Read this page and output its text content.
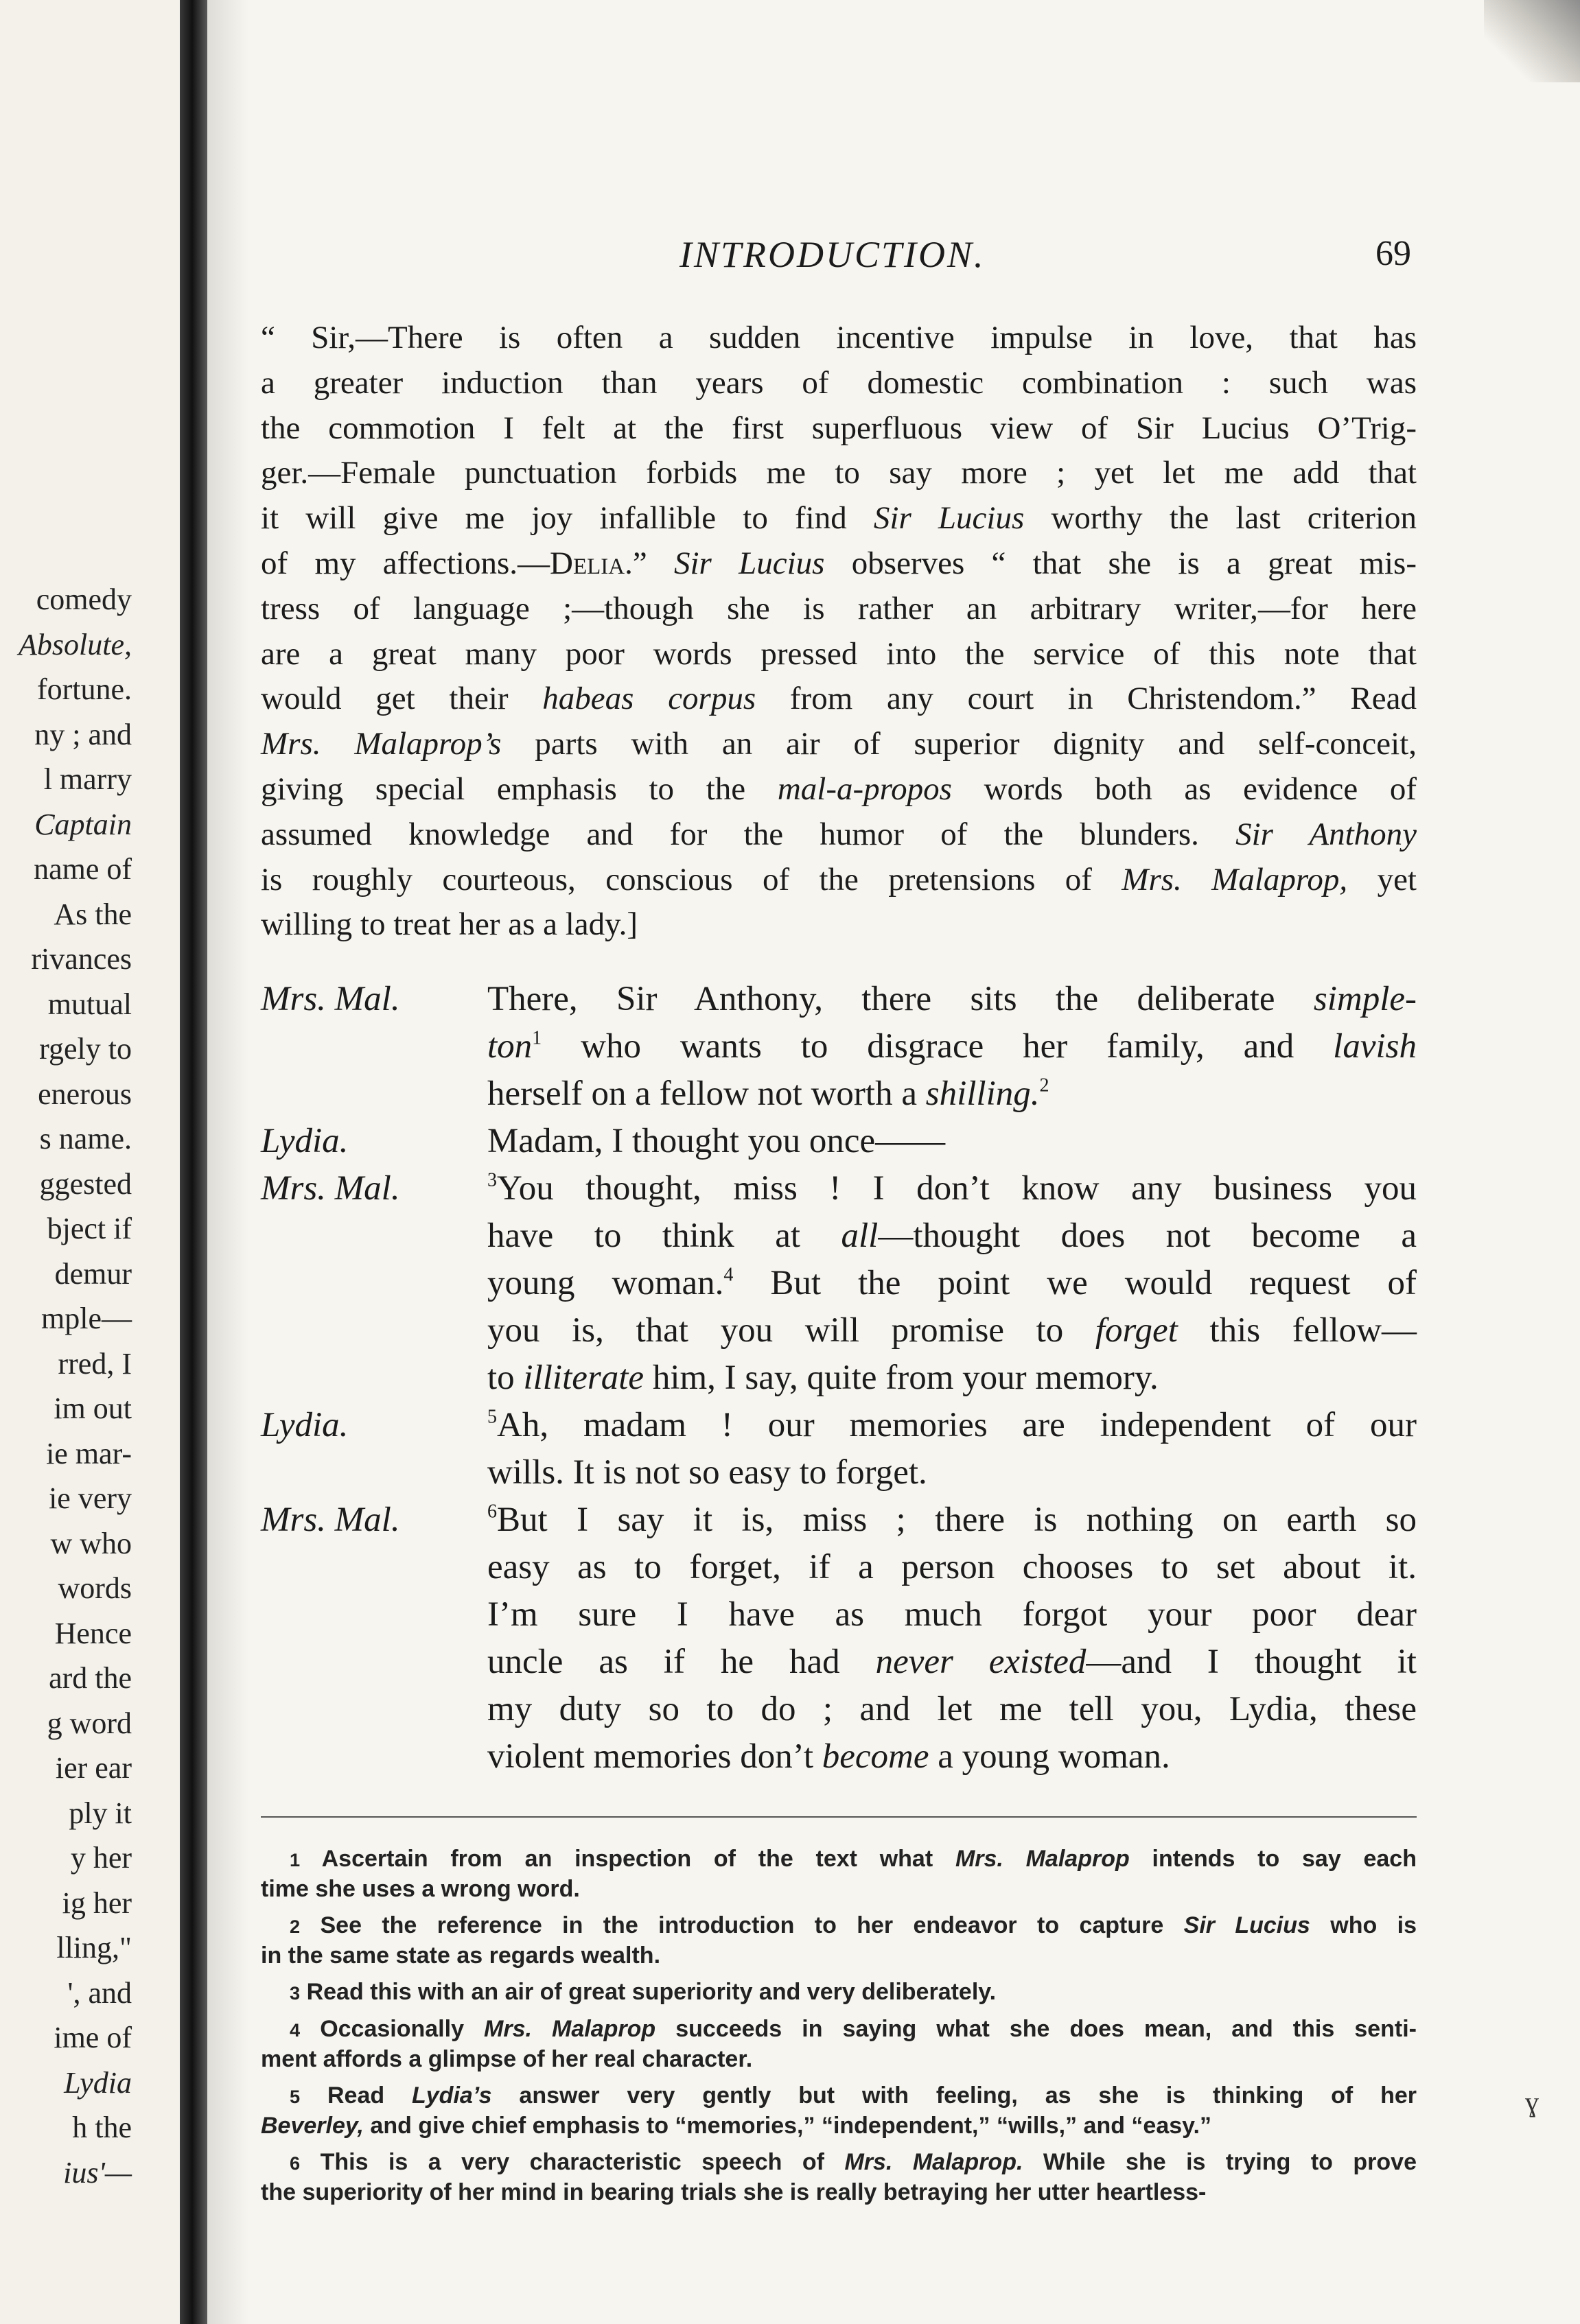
comedy
Absolute,
fortune.
ny ; and
l marry
Captain
name of
As the
rivances
mutual
rgely to
enerous
s name.
ggested
bject if
demur
mple—
rred, I
im out
ie mar-
ie very
w who
words
Hence
ard the
g word
ier ear
ply it
y her
ig her
lling,"
', and
ime of
Lydia
h the
ius'—
INTRODUCTION.	69
“ Sir,—There is often a sudden incentive impulse in love, that has
a greater induction than years of domestic combination : such was
the commotion I felt at the first superfluous view of Sir Lucius O’Trig-
ger.—Female punctuation forbids me to say more ; yet let me add that
it will give me joy infallible to find Sir Lucius worthy the last criterion
of my affections.—Delia.” Sir Lucius observes “ that she is a great mis-
tress of language ;—though she is rather an arbitrary writer,—for here
are a great many poor words pressed into the service of this note that
would get their habeas corpus from any court in Christendom.” Read
Mrs. Malaprop’s parts with an air of superior dignity and self-conceit,
giving special emphasis to the mal-a-propos words both as evidence of
assumed knowledge and for the humor of the blunders. Sir Anthony
is roughly courteous, conscious of the pretensions of Mrs. Malaprop, yet
willing to treat her as a lady.]
Mrs. Mal. There, Sir Anthony, there sits the deliberate simple-
ton$^1$ who wants to disgrace her family, and lavish
herself on a fellow not worth a shilling.$^2$
Lydia.	Madam, I thought you once——
Mrs. Mal.	$^3$You thought, miss ! I don’t know any business you
have to think at all—thought does not become a
young woman.$^4$ But the point we would request of
you is, that you will promise to forget this fellow—
to illiterate him, I say, quite from your memory.
Lydia.	$^5$Ah, madam ! our memories are independent of our
wills. It is not so easy to forget.
Mrs. Mal.	$^6$But I say it is, miss ; there is nothing on earth so
easy as to forget, if a person chooses to set about it.
I’m sure I have as much forgot your poor dear
uncle as if he had never existed—and I thought it
my duty so to do ; and let me tell you, Lydia, these
violent memories don’t become a young woman.
1 Ascertain from an inspection of the text what Mrs. Malaprop intends to say each
time she uses a wrong word.
2 See the reference in the introduction to her endeavor to capture Sir Lucius who is
in the same state as regards wealth.
3 Read this with an air of great superiority and very deliberately.
4 Occasionally Mrs. Malaprop succeeds in saying what she does mean, and this senti-
ment affords a glimpse of her real character.
5 Read Lydia’s answer very gently but with feeling, as she is thinking of her
Beverley, and give chief emphasis to “memories,” “independent,” “wills,” and “easy.”
6 This is a very characteristic speech of Mrs. Malaprop. While she is trying to prove
the superiority of her mind in bearing trials she is really betraying her utter heartless-
ɣ
